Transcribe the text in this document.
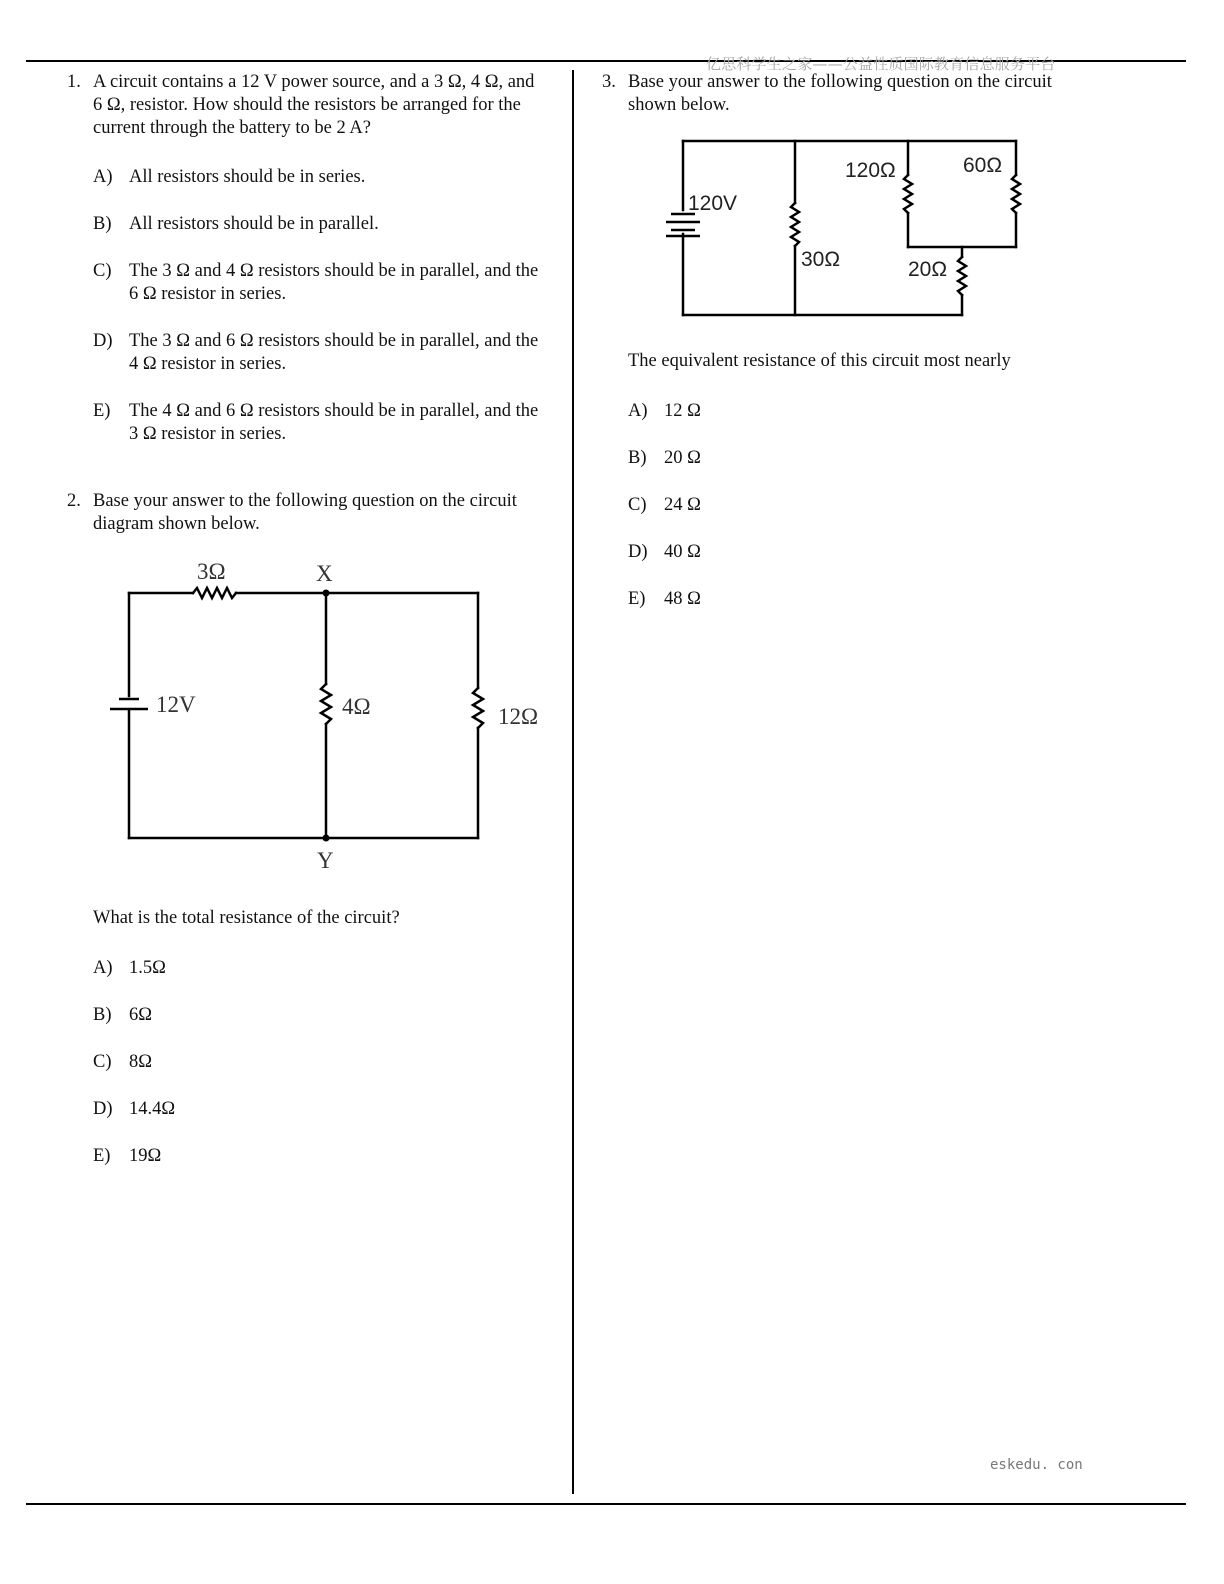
亿思科学生之家——公益性质国际教育信息服务平台
1. A circuit contains a 12 V power source, and a 3 Ω, 4 Ω, and
6 Ω, resistor. How should the resistors be arranged for the
current through the battery to be 2 A?
A) All resistors should be in series.
B) All resistors should be in parallel.
C) The 3 Ω and 4 Ω resistors should be in parallel, and the
6 Ω resistor in series.
D) The 3 Ω and 6 Ω resistors should be in parallel, and the
4 Ω resistor in series.
E) The 4 Ω and 6 Ω resistors should be in parallel, and the
3 Ω resistor in series.
2. Base your answer to the following question on the circuit
diagram shown below.
3Ω	X
12V	4Ω	12Ω
Y
What is the total resistance of the circuit?
A) 1.5Ω
B) 6Ω
C) 8Ω
D) 14.4Ω
E) 19Ω
3. Base your answer to the following question on the circuit
shown below.
120V
30Ω
120Ω	60Ω
20Ω
The equivalent resistance of this circuit most nearly
A) 12 Ω
B) 20 Ω
C) 24 Ω
D) 40 Ω
E) 48 Ω
eskedu. con
